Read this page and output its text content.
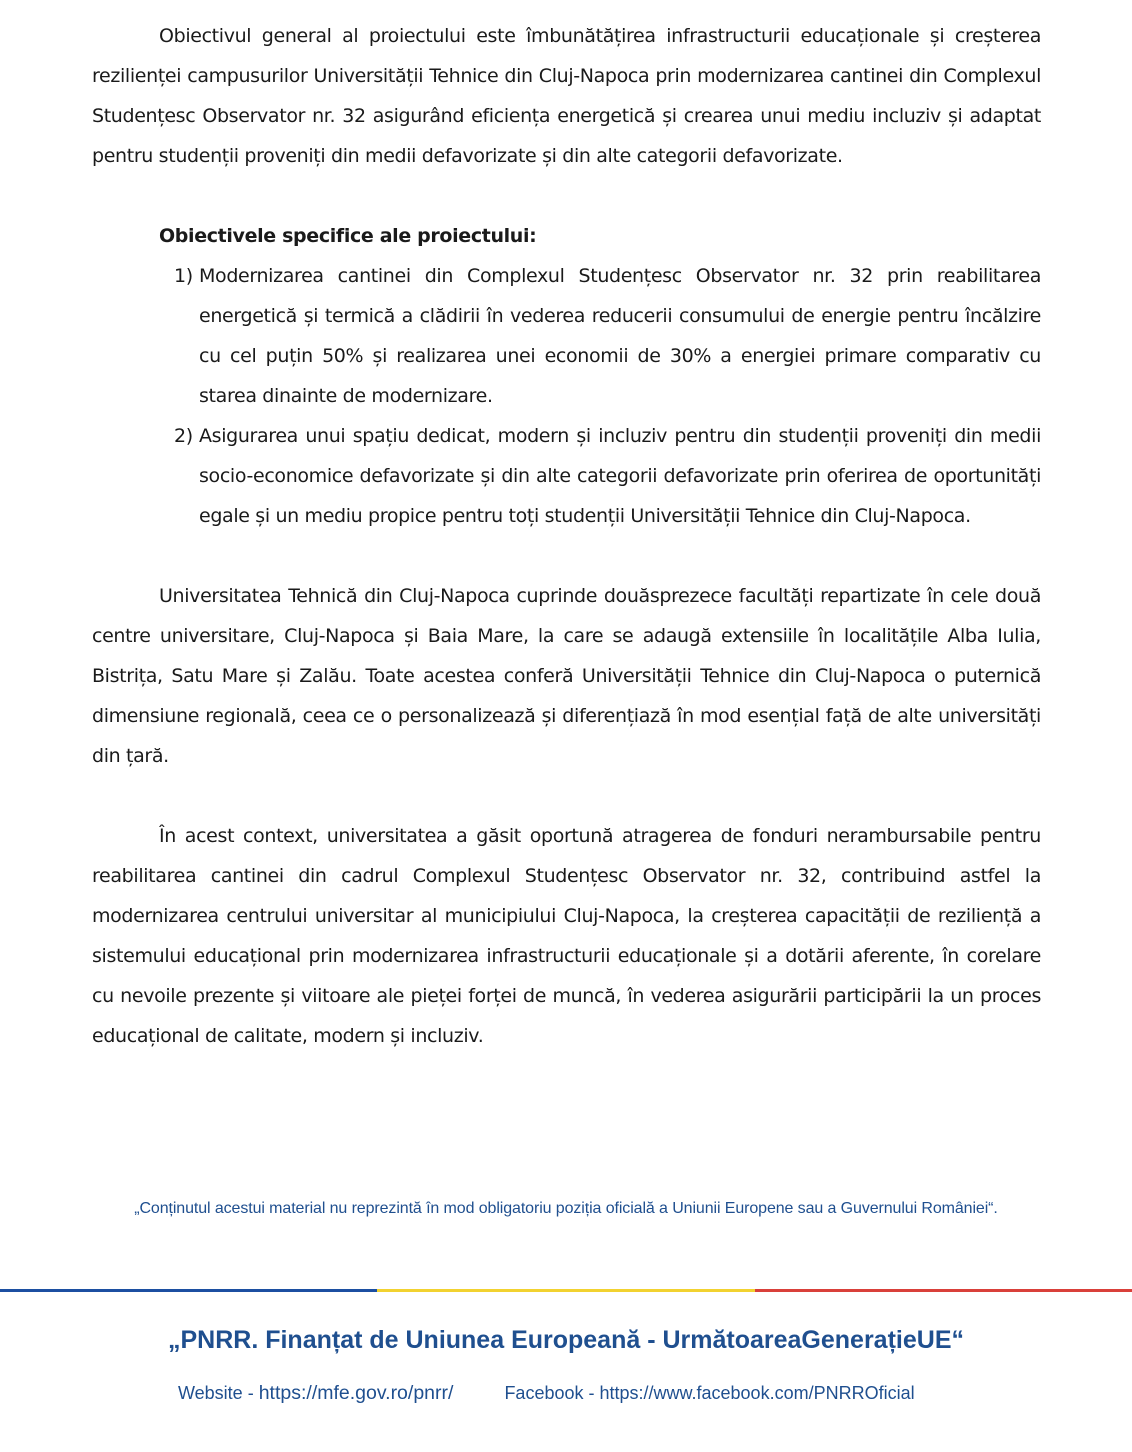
Obiectivul general al proiectului este îmbunătățirea infrastructurii educaționale și creșterea rezilienței campusurilor Universității Tehnice din Cluj-Napoca prin modernizarea cantinei din Complexul Studențesc Observator nr. 32 asigurând eficiența energetică și crearea unui mediu incluziv și adaptat pentru studenții proveniți din medii defavorizate și din alte categorii defavorizate.

Obiectivele specifice ale proiectului:

1) Modernizarea cantinei din Complexul Studențesc Observator nr. 32 prin reabilitarea energetică și termică a clădirii în vederea reducerii consumului de energie pentru încălzire cu cel puțin 50% și realizarea unei economii de 30% a energiei primare comparativ cu starea dinainte de modernizare.
2) Asigurarea unui spațiu dedicat, modern și incluziv pentru din studenții proveniți din medii socio-economice defavorizate și din alte categorii defavorizate prin oferirea de oportunități egale și un mediu propice pentru toți studenții Universității Tehnice din Cluj-Napoca.

Universitatea Tehnică din Cluj-Napoca cuprinde douăsprezece facultăți repartizate în cele două centre universitare, Cluj-Napoca și Baia Mare, la care se adaugă extensiile în localitățile Alba Iulia, Bistrița, Satu Mare și Zalău. Toate acestea conferă Universității Tehnice din Cluj-Napoca o puternică dimensiune regională, ceea ce o personalizează și diferențiază în mod esențial față de alte universități din țară.

În acest context, universitatea a găsit oportună atragerea de fonduri nerambursabile pentru reabilitarea cantinei din cadrul Complexul Studențesc Observator nr. 32, contribuind astfel la modernizarea centrului universitar al municipiului Cluj-Napoca, la creșterea capacității de reziliență a sistemului educațional prin modernizarea infrastructurii educaționale și a dotării aferente, în corelare cu nevoile prezente și viitoare ale pieței forței de muncă, în vederea asigurării participării la un proces educațional de calitate, modern și incluziv.

„Conținutul acestui material nu reprezintă în mod obligatoriu poziția oficială a Uniunii Europene sau a Guvernului României“.
„PNRR. Finanțat de Uniunea Europeană - UrmătoareaGenerațieUE“
Website - https://mfe.gov.ro/pnrr/	Facebook - https://www.facebook.com/PNRROficial
